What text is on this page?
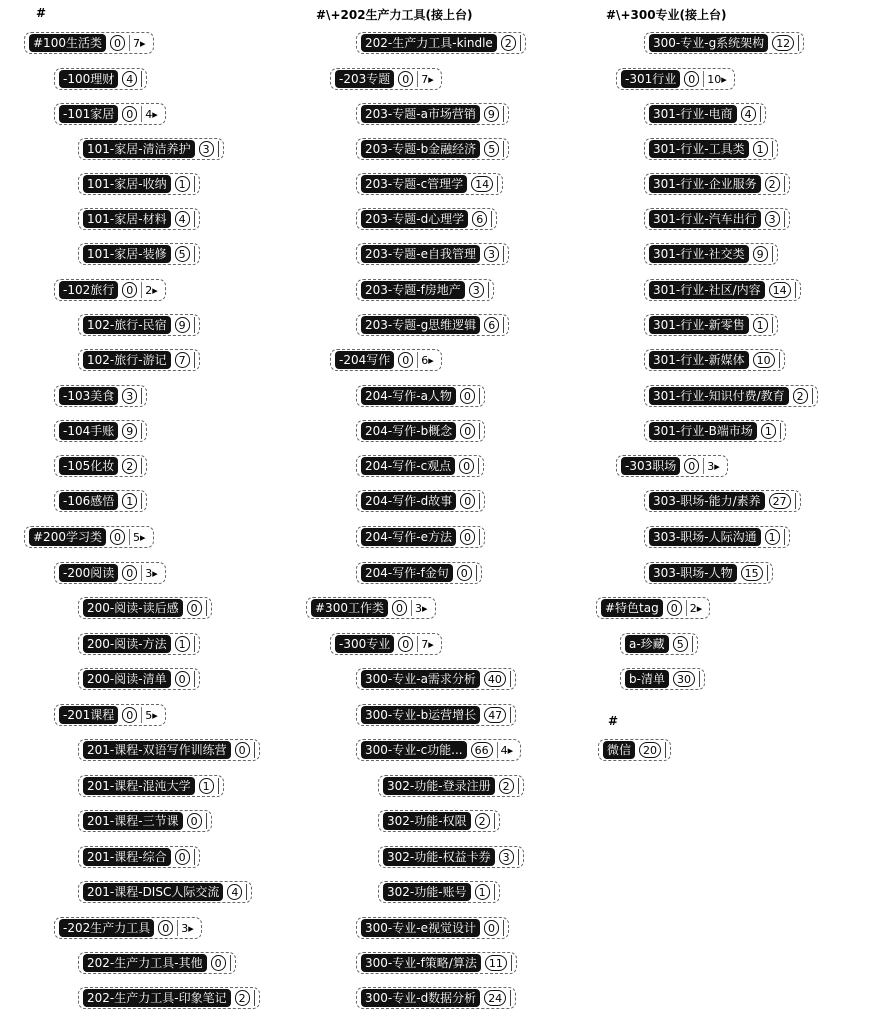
#	#\+202生产力工具(接上台)	#\+300专业(接上台)
#
#100生活类	0	7▸
-100理财	4
-101家居	0	4▸
101-家居-清洁养护	3
101-家居-收纳	1
101-家居-材料	4
101-家居-装修	5
-102旅行	0	2▸
102-旅行-民宿	9
102-旅行-游记	7
-103美食	3
-104手账	9
-105化妆	2
-106感悟	1
#200学习类	0	5▸
-200阅读	0	3▸
200-阅读-读后感	0
200-阅读-方法	1
200-阅读-清单	0
-201课程	0	5▸
201-课程-双语写作训练营	0
201-课程-混沌大学	1
201-课程-三节课	0
201-课程-综合	0
201-课程-DISC人际交流	4
-202生产力工具	0	3▸
202-生产力工具-其他	0
202-生产力工具-印象笔记	2
202-生产力工具-kindle	2
-203专题	0	7▸
203-专题-a市场营销	9
203-专题-b金融经济	5
203-专题-c管理学	14
203-专题-d心理学	6
203-专题-e自我管理	3
203-专题-f房地产	3
203-专题-g思维逻辑	6
-204写作	0	6▸
204-写作-a人物	0
204-写作-b概念	0
204-写作-c观点	0
204-写作-d故事	0
204-写作-e方法	0
204-写作-f金句	0
#300工作类	0	3▸
-300专业	0	7▸
300-专业-a需求分析	40
300-专业-b运营增长	47
300-专业-c功能...	66	4▸
302-功能-登录注册	2
302-功能-权限	2
302-功能-权益卡券	3
302-功能-账号	1
300-专业-e视觉设计	0
300-专业-f策略/算法	11
300-专业-d数据分析	24
300-专业-g系统架构	12
-301行业	0	10▸
301-行业-电商	4
301-行业-工具类	1
301-行业-企业服务	2
301-行业-汽车出行	3
301-行业-社交类	9
301-行业-社区/内容	14
301-行业-新零售	1
301-行业-新媒体	10
301-行业-知识付费/教育	2
301-行业-B端市场	1
-303职场	0	3▸
303-职场-能力/素养	27
303-职场-人际沟通	1
303-职场-人物	15
#特色tag	0	2▸
a-珍藏	5
b-清单	30
微信	20
